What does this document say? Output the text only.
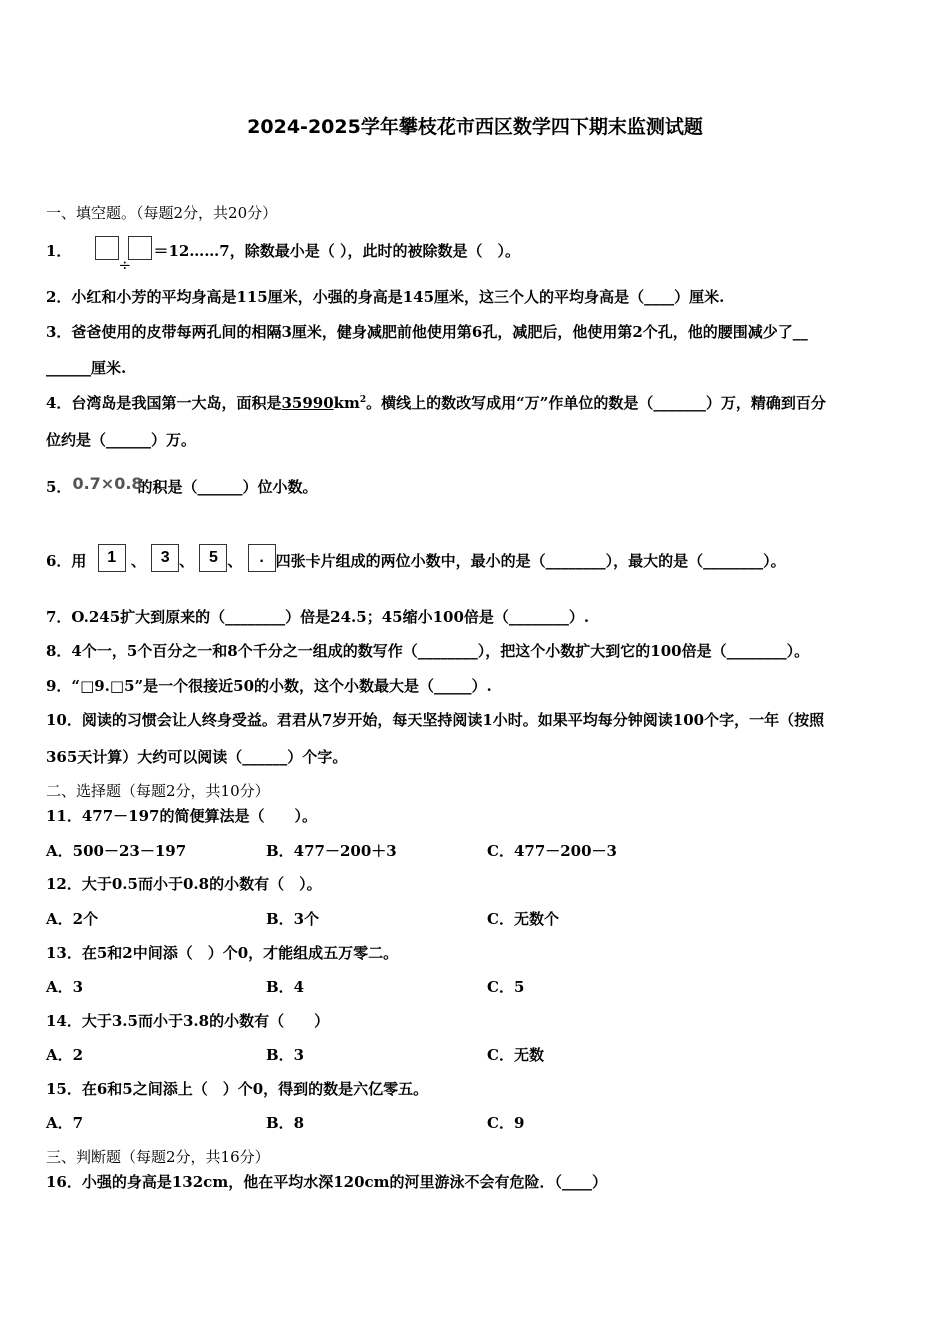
2024-2025学年攀枝花市西区数学四下期末监测试题
一、填空题。（每题2分，共20分）
1．
÷
＝12……7，除数最小是（ ），此时的被除数是（　）。
2．小红和小芳的平均身高是115厘米，小强的身高是145厘米，这三个人的平均身高是（____）厘米.
3．爸爸使用的皮带每两孔间的相隔3厘米，健身减肥前他使用第6孔，减肥后，他使用第2个孔，他的腰围减少了__
______厘米.
4．台湾岛是我国第一大岛，面积是$35990km^2$。横线上的数改写成用“万”作单位的数是（_______）万，精确到百分
位约是（______）万。
5． 0.7×0.8
的积是（______）位小数。
6．用 1 、 3 、 5 、 . 四张卡片组成的两位小数中，最小的是（________），最大的是（________）。
7．O.245扩大到原来的（________）倍是24.5；45缩小100倍是（________）.
8．4个一，5个百分之一和8个千分之一组成的数写作（________），把这个小数扩大到它的100倍是（________）。
9．“□9.□5”是一个很接近50的小数，这个小数最大是（_____）.
10．阅读的习惯会让人终身受益。君君从7岁开始，每天坚持阅读1小时。如果平均每分钟阅读100个字，一年（按照
365天计算）大约可以阅读（______）个字。
二、选择题（每题2分，共10分）
11．477－197的简便算法是（　　）。
A．500－23－197	B．477－200＋3	C．477－200－3
12．大于0.5而小于0.8的小数有（　）。
A．2个	B．3个	C．无数个
13．在5和2中间添（　）个0，才能组成五万零二。
A．3	B．4	C．5
14．大于3.5而小于3.8的小数有（　　）
A．2	B．3	C．无数
15．在6和5之间添上（　）个0，得到的数是六亿零五。
A．7	B．8	C．9
三、判断题（每题2分，共16分）
16．小强的身高是132cm，他在平均水深120cm的河里游泳不会有危险．（____）
